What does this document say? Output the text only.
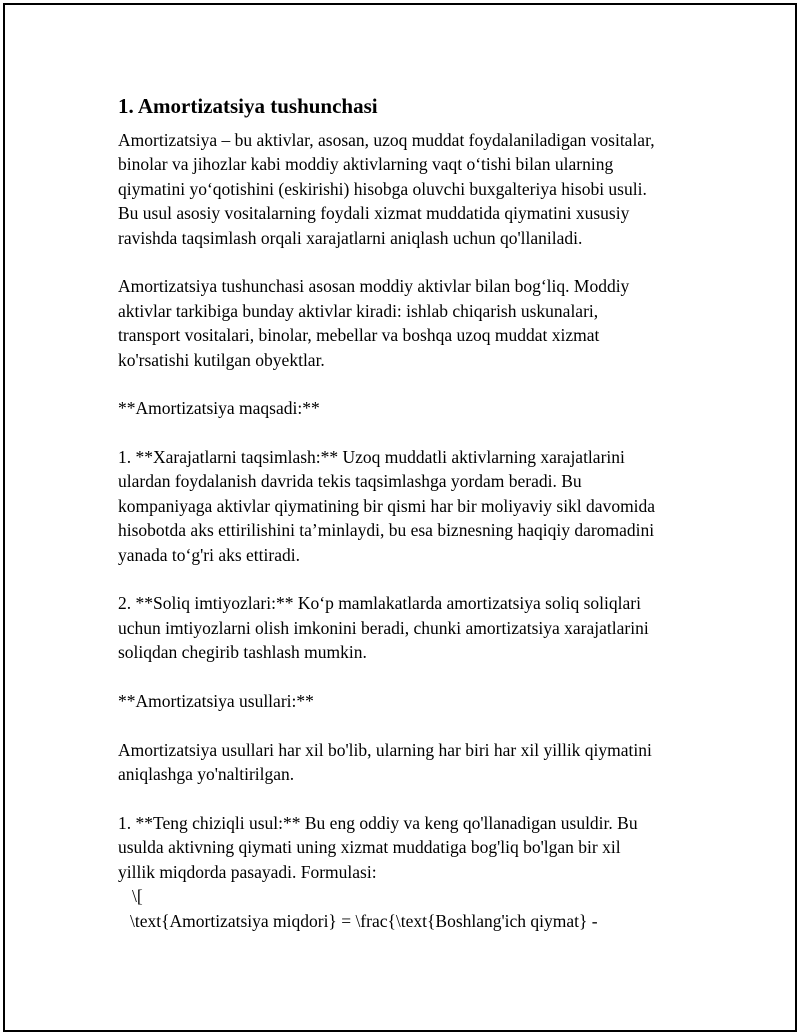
1. Amortizatsiya tushunchasi
Amortizatsiya – bu aktivlar, asosan, uzoq muddat foydalaniladigan vositalar,
binolar va jihozlar kabi moddiy aktivlarning vaqt oʻtishi bilan ularning
qiymatini yoʻqotishini (eskirishi) hisobga oluvchi buxgalteriya hisobi usuli.
Bu usul asosiy vositalarning foydali xizmat muddatida qiymatini xususiy
ravishda taqsimlash orqali xarajatlarni aniqlash uchun qo'llaniladi.
Amortizatsiya tushunchasi asosan moddiy aktivlar bilan bogʻliq. Moddiy
aktivlar tarkibiga bunday aktivlar kiradi: ishlab chiqarish uskunalari,
transport vositalari, binolar, mebellar va boshqa uzoq muddat xizmat
ko'rsatishi kutilgan obyektlar.
**Amortizatsiya maqsadi:**
1. **Xarajatlarni taqsimlash:** Uzoq muddatli aktivlarning xarajatlarini
ulardan foydalanish davrida tekis taqsimlashga yordam beradi. Bu
kompaniyaga aktivlar qiymatining bir qismi har bir moliyaviy sikl davomida
hisobotda aks ettirilishini taʼminlaydi, bu esa biznesning haqiqiy daromadini
yanada toʻg'ri aks ettiradi.
2. **Soliq imtiyozlari:** Koʻp mamlakatlarda amortizatsiya soliq soliqlari
uchun imtiyozlarni olish imkonini beradi, chunki amortizatsiya xarajatlarini
soliqdan chegirib tashlash mumkin.
**Amortizatsiya usullari:**
Amortizatsiya usullari har xil bo'lib, ularning har biri har xil yillik qiymatini
aniqlashga yo'naltirilgan.
1. **Teng chiziqli usul:** Bu eng oddiy va keng qo'llanadigan usuldir. Bu
usulda aktivning qiymati uning xizmat muddatiga bog'liq bo'lgan bir xil
yillik miqdorda pasayadi. Formulasi:
\[
\text{Amortizatsiya miqdori} = \frac{\text{Boshlang'ich qiymat} -
